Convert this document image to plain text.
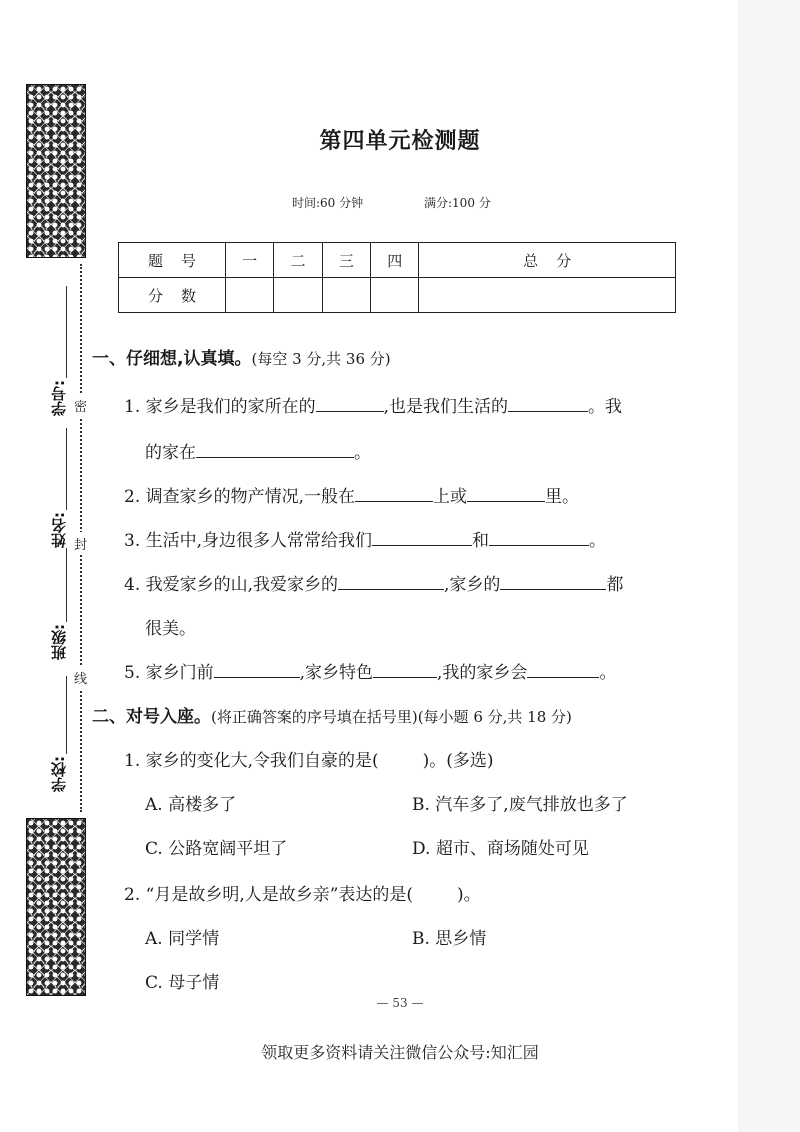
学号:
姓名:
班级:
学校:
密
封
线
第四单元检测题
时间:60 分钟	满分:100 分
题号	一	二	三	四	总分
分数					
一、仔细想,认真填。(每空 3 分,共 36 分)
1. 家乡是我们的家所在的	,也是我们生活的	。我
的家在	。
2. 调查家乡的物产情况,一般在	上或	里。
3. 生活中,身边很多人常常给我们	和	。
4. 我爱家乡的山,我爱家乡的	,家乡的	都
很美。
5. 家乡门前	,家乡特色	,我的家乡会	。
二、对号入座。(将正确答案的序号填在括号里)(每小题 6 分,共 18 分)
1. 家乡的变化大,令我们自豪的是(	)。(多选)
A. 高楼多了	B. 汽车多了,废气排放也多了
C. 公路宽阔平坦了	D. 超市、商场随处可见
2. “月是故乡明,人是故乡亲”表达的是(	)。
A. 同学情	B. 思乡情
C. 母子情
— 53 —
领取更多资料请关注微信公众号:知汇园
